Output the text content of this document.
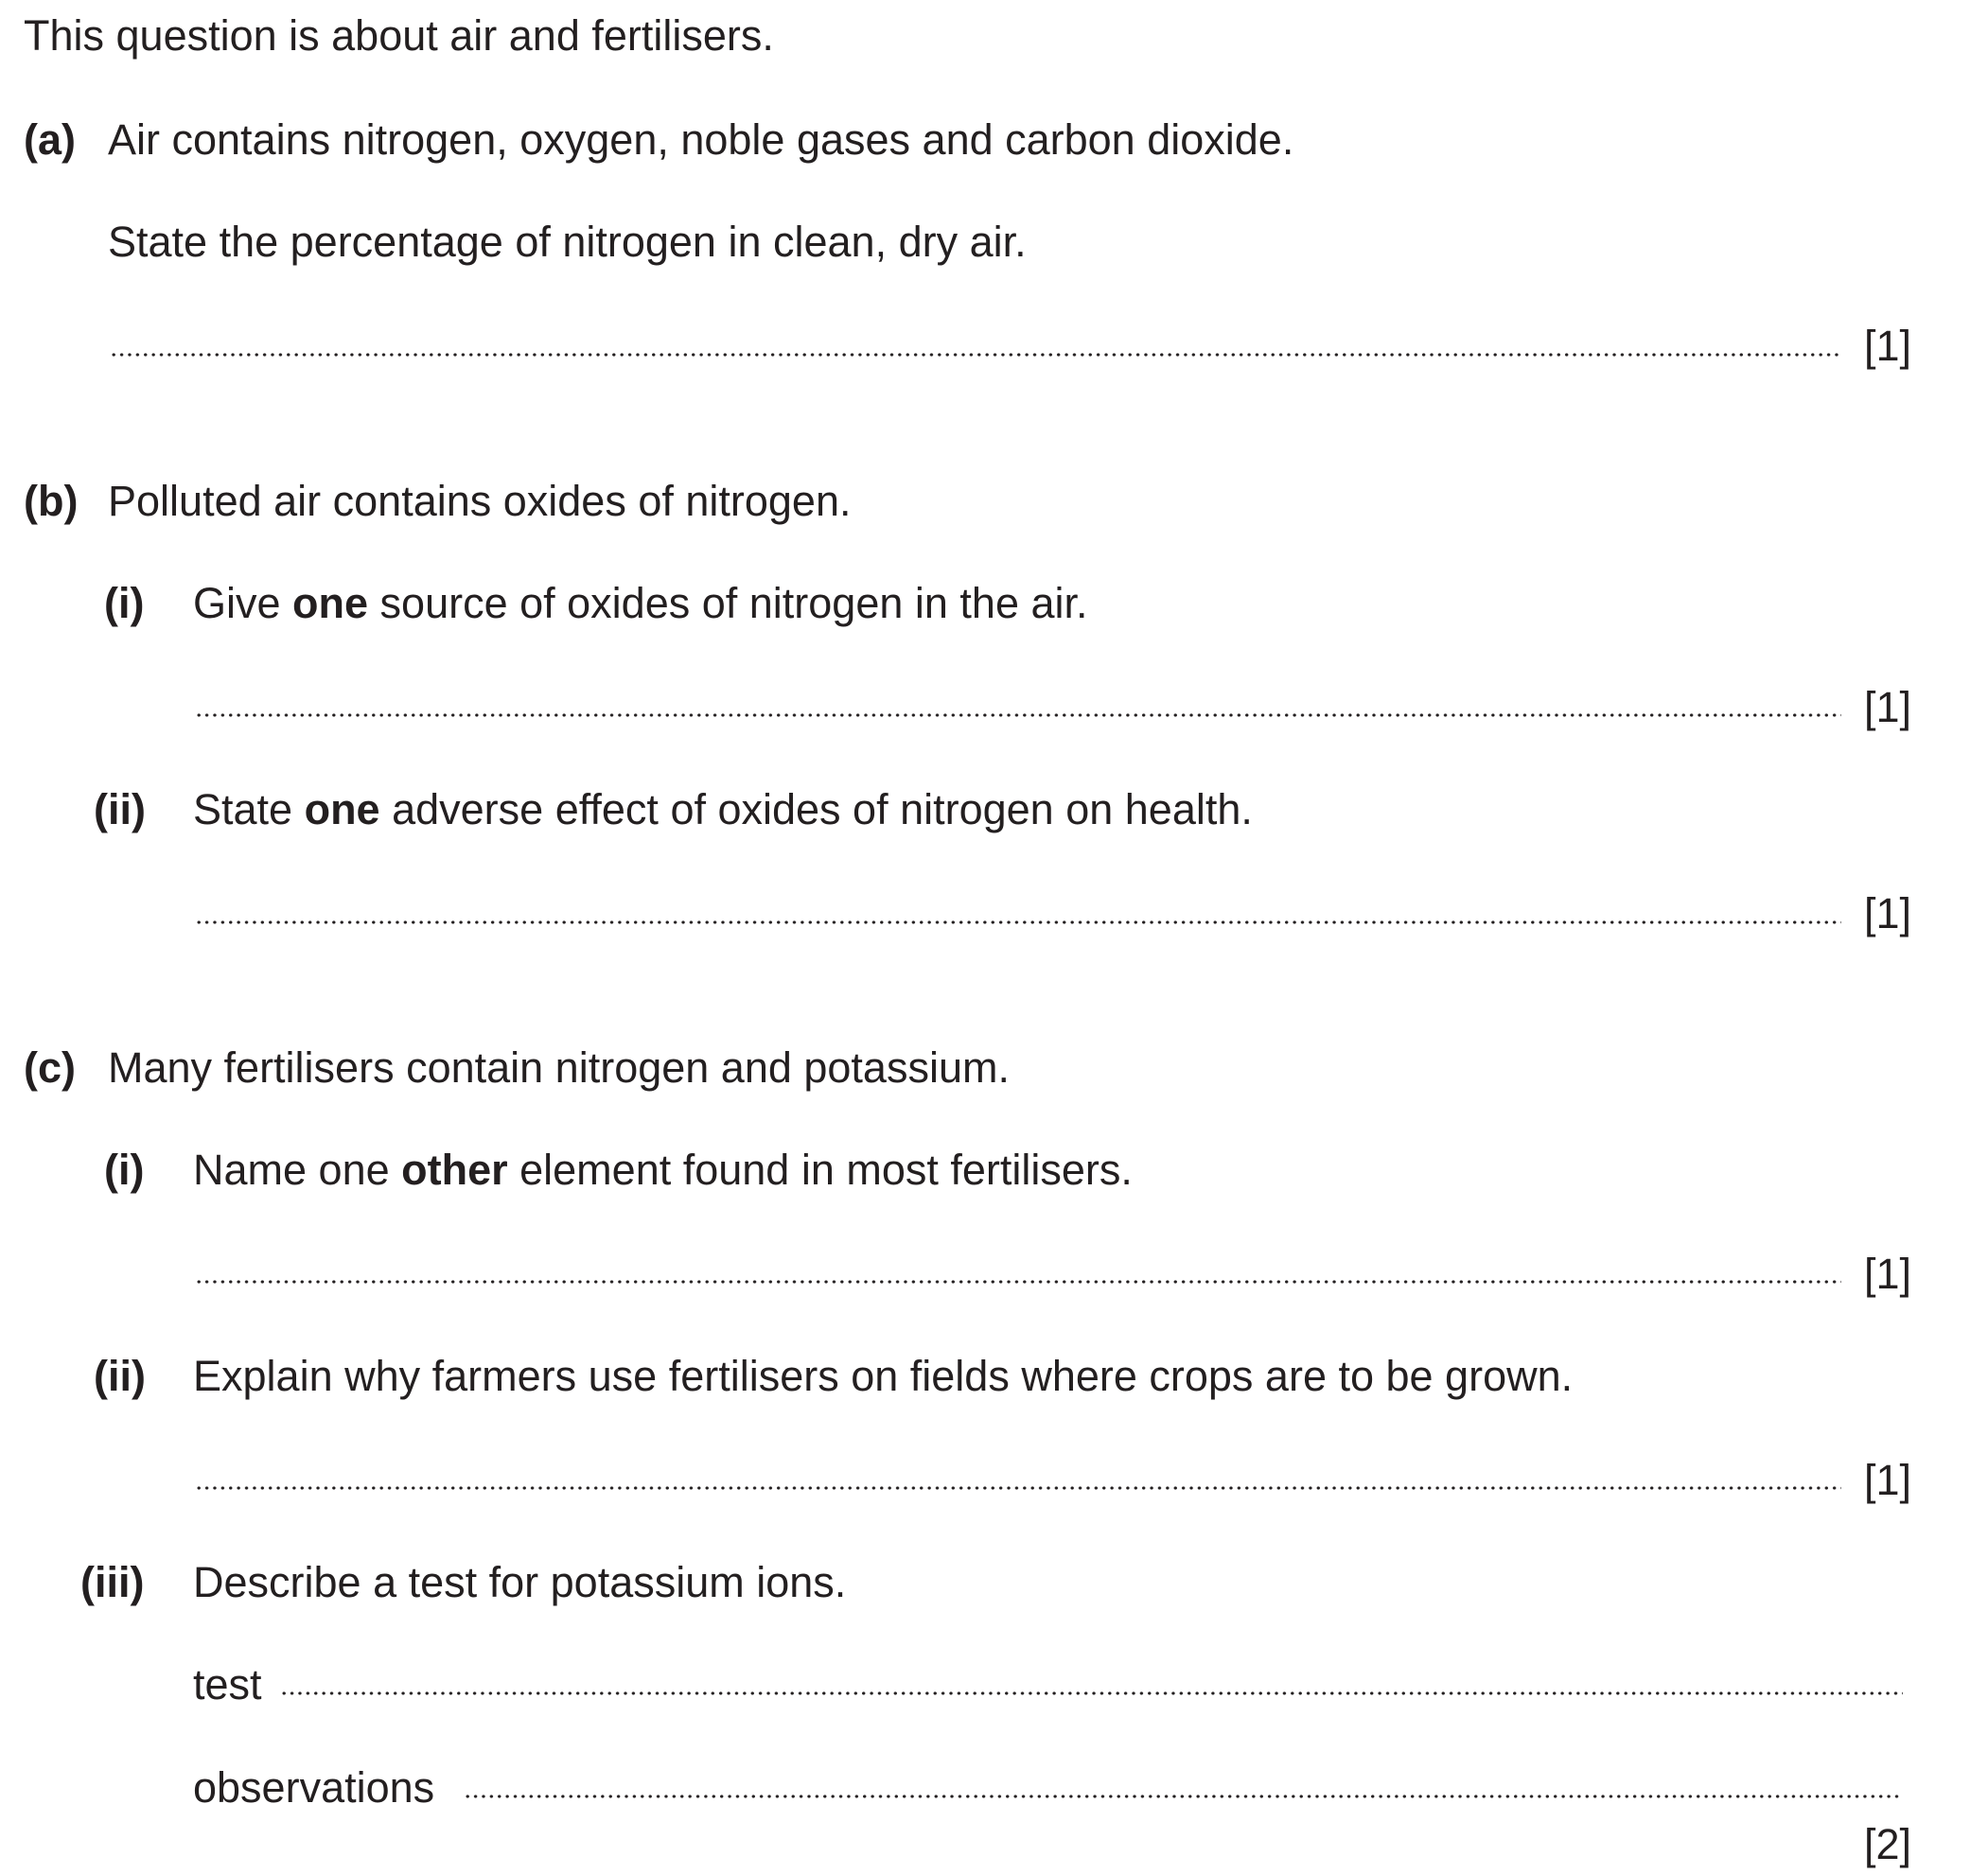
This question is about air and fertilisers.
(a) Air contains nitrogen, oxygen, noble gases and carbon dioxide.
State the percentage of nitrogen in clean, dry air.
[1]
(b) Polluted air contains oxides of nitrogen.
(i) Give one source of oxides of nitrogen in the air.
[1]
(ii) State one adverse effect of oxides of nitrogen on health.
[1]
(c) Many fertilisers contain nitrogen and potassium.
(i) Name one other element found in most fertilisers.
[1]
(ii) Explain why farmers use fertilisers on fields where crops are to be grown.
[1]
(iii) Describe a test for potassium ions.
test
observations
[2]
